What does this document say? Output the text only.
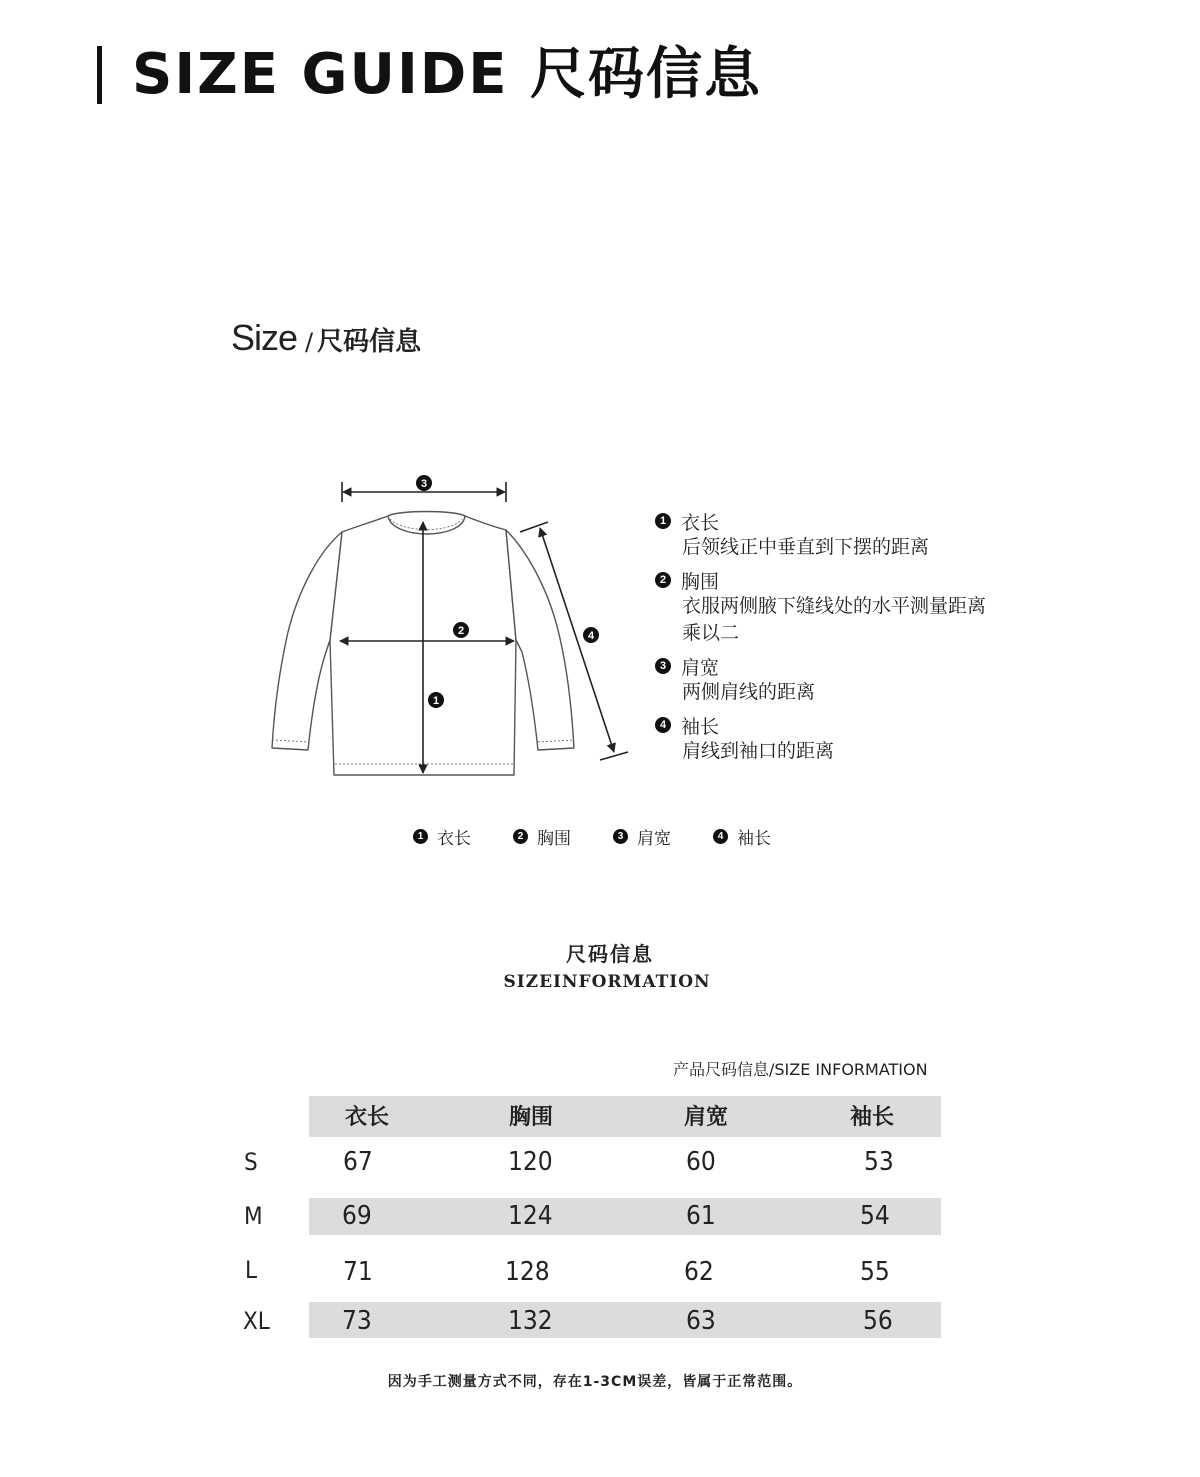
SIZE GUIDE 尺码信息
Size / 尺码信息
3
2
1
4
1 衣长
后领线正中垂直到下摆的距离
2 胸围
衣服两侧腋下缝线处的水平测量距离
乘以二
3 肩宽
两侧肩线的距离
4 袖长
肩线到袖口的距离
1 衣长	2 胸围	3 肩宽	4 袖长
尺码信息
SIZEINFORMATION
产品尺码信息/SIZE INFORMATION
衣长	胸围	肩宽	袖长
S	67	120	60	53
M	69	124	61	54
L	71	128	62	55
XL	73	132	63	56
因为手工测量方式不同，存在1-3CM误差，皆属于正常范围。
